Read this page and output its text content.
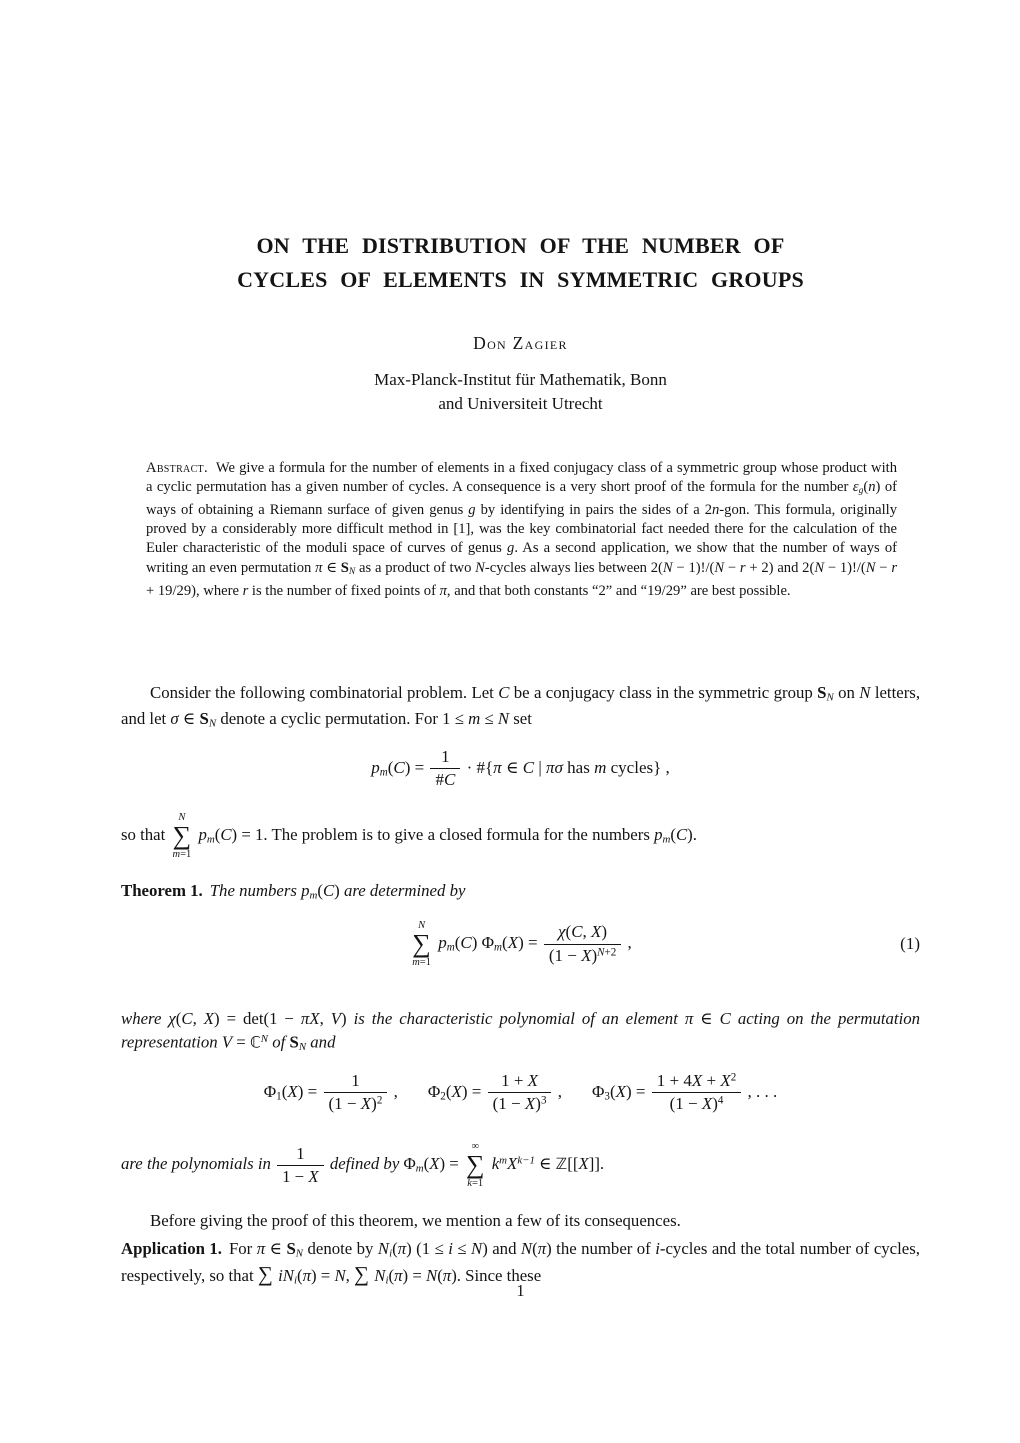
ON THE DISTRIBUTION OF THE NUMBER OF
CYCLES OF ELEMENTS IN SYMMETRIC GROUPS
Don Zagier
Max-Planck-Institut für Mathematik, Bonn
and Universiteit Utrecht

Abstract. We give a formula for the number of elements in a fixed conjugacy class of a symmetric group whose product with a cyclic permutation has a given number of cycles. A consequence is a very short proof of the formula for the number εg(n) of ways of obtaining a Riemann surface of given genus g by identifying in pairs the sides of a 2n-gon. This formula, originally proved by a considerably more difficult method in [1], was the key combinatorial fact needed there for the calculation of the Euler characteristic of the moduli space of curves of genus g. As a second application, we show that the number of ways of writing an even permutation π ∈ SN as a product of two N-cycles always lies between 2(N − 1)!/(N − r + 2) and 2(N − 1)!/(N − r + 19/29), where r is the number of fixed points of π, and that both constants “2” and “19/29” are best possible.

Consider the following combinatorial problem. Let C be a conjugacy class in the symmetric group SN on N letters, and let σ ∈ SN denote a cyclic permutation. For 1 ≤ m ≤ N set

$pm(C) = \frac{1}{\#C}$ · #{π ∈ C | πσ has m cycles} ,

so that
N
∑
m=1
pm(C) = 1. The problem is to give a closed formula for the numbers pm(C).

Theorem 1. The numbers pm(C) are determined by

N
∑
m=1
pm(C) $\Phi m(X) = \frac{\chi(C, X)}{(1 - X)^{N+2}}$ ,	(1)

where χ(C, X) = det(1 − πX, V) is the characteristic polynomial of an element π ∈ C acting on the permutation representation V = ℂ$^N$ of SN and

$\Phi 1(X) = \frac{1}{(1 - X)^2}$ , $\Phi 2(X) = \frac{1 + X}{(1 - X)^3}$ , $\Phi 3(X) = \frac{1 + 4X + X^2}{(1 - X)^4}$ , . . .

are the polynomials in $\frac{1}{1 - X}$ defined by Φm(X) =
∞
∑
k=1
$k^mX^{k-1}$ ∈ ℤ[[X]].

Before giving the proof of this theorem, we mention a few of its consequences.

Application 1. For π ∈ SN denote by Ni(π) (1 ≤ i ≤ N) and N(π) the number of i-cycles and the total number of cycles, respectively, so that ∑ iNi(π) = N, ∑ Ni(π) = N(π). Since these

1
